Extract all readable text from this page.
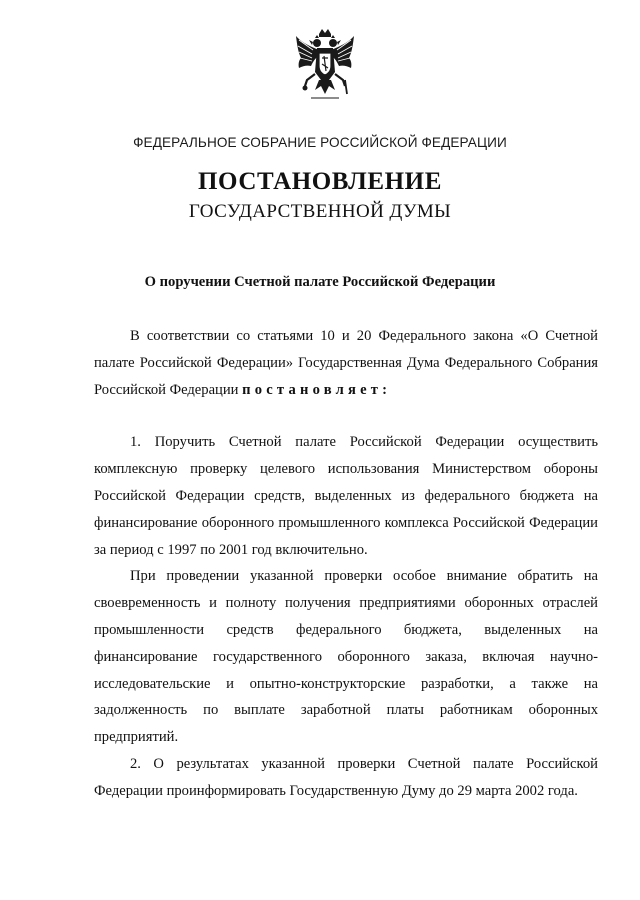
ФЕДЕРАЛЬНОЕ СОБРАНИЕ РОССИЙСКОЙ ФЕДЕРАЦИИ
ПОСТАНОВЛЕНИЕ
ГОСУДАРСТВЕННОЙ ДУМЫ
О поручении Счетной палате Российской Федерации

В соответствии со статьями 10 и 20 Федерального закона «О Счетной палате Российской Федерации» Государственная Дума Федерального Собрания Российской Федерации постановляет:

1. Поручить Счетной палате Российской Федерации осуществить комплексную проверку целевого использования Министерством обороны Российской Федерации средств, выделенных из федерального бюджета на финансирование оборонного промышленного комплекса Российской Федерации за период с 1997 по 2001 год включительно.

При проведении указанной проверки особое внимание обратить на своевременность и полноту получения предприятиями оборонных отраслей промышленности средств федерального бюджета, выделенных на финансирование государственного оборонного заказа, включая научно-исследовательские и опытно-конструкторские разработки, а также на задолженность по выплате заработной платы работникам оборонных предприятий.

2. О результатах указанной проверки Счетной палате Российской Федерации проинформировать Государственную Думу до 29 марта 2002 года.
